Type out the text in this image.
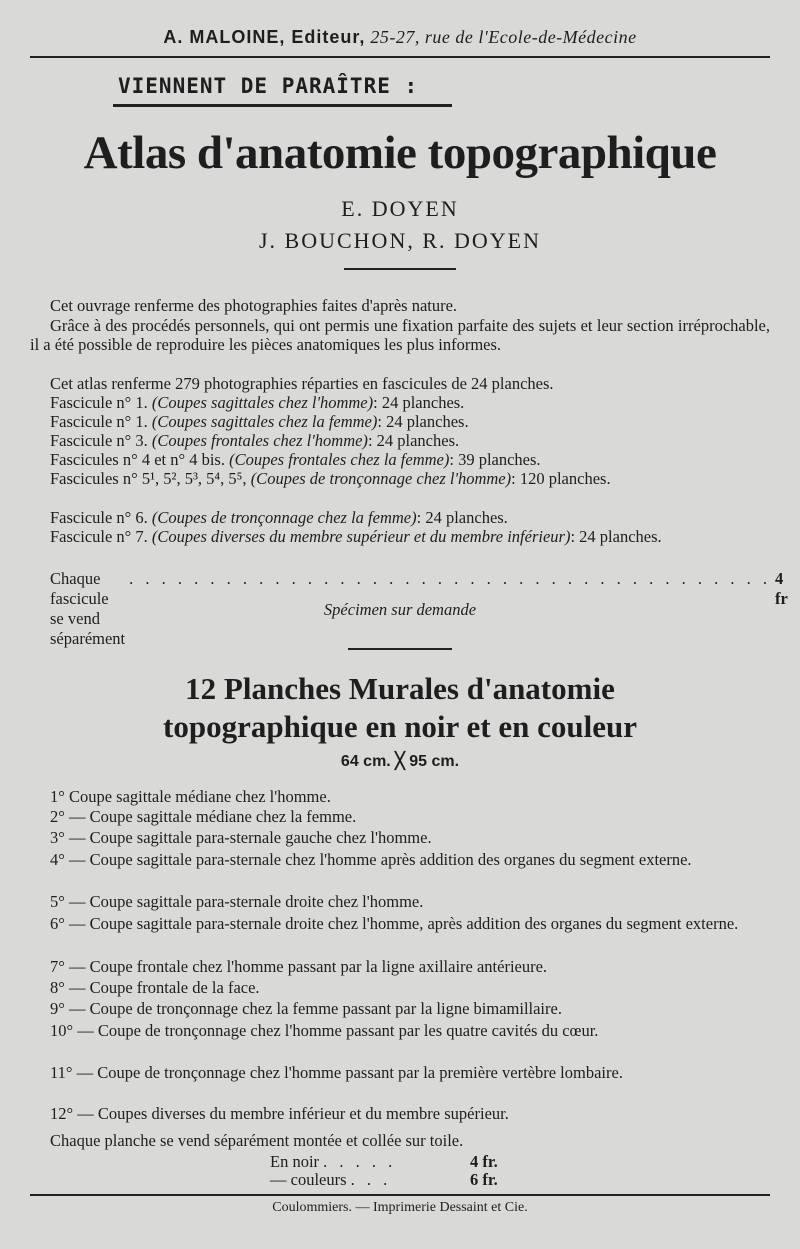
A. MALOINE, Editeur, 25-27, rue de l'Ecole-de-Médecine
VIENNENT DE PARAÎTRE :
Atlas d'anatomie topographique
E. DOYEN
J. BOUCHON, R. DOYEN
Cet ouvrage renferme des photographies faites d'après nature.
Grâce à des procédés personnels, qui ont permis une fixation parfaite des sujets et leur section irréprochable, il a été possible de reproduire les pièces anatomiques les plus informes.
Cet atlas renferme 279 photographies réparties en fascicules de 24 planches.
Fascicule n° 1. (Coupes sagittales chez l'homme): 24 planches.
Fascicule n° 1. (Coupes sagittales chez la femme): 24 planches.
Fascicule n° 3. (Coupes frontales chez l'homme): 24 planches.
Fascicules n° 4 et n° 4 bis. (Coupes frontales chez la femme): 39 planches.
Fascicules n° 5¹, 5², 5³, 5⁴, 5⁵, (Coupes de tronçonnage chez l'homme): 120 planches.
Fascicule n° 6. (Coupes de tronçonnage chez la femme): 24 planches.
Fascicule n° 7. (Coupes diverses du membre supérieur et du membre inférieur): 24 planches.
Chaque fascicule se vend séparément
. . . . . . . . . . . . . . . . . . . . . . . . . . . . . . . . . . . . . . . . 4 fr
Spécimen sur demande
12 Planches Murales d'anatomie
topographique en noir et en couleur
64 cm. ╳ 95 cm.
1° Coupe sagittale médiane chez l'homme.
2° — Coupe sagittale médiane chez la femme.
3° — Coupe sagittale para-sternale gauche chez l'homme.
4° — Coupe sagittale para-sternale chez l'homme après addition des organes du segment externe.
5° — Coupe sagittale para-sternale droite chez l'homme.
6° — Coupe sagittale para-sternale droite chez l'homme, après addition des organes du segment externe.
7° — Coupe frontale chez l'homme passant par la ligne axillaire antérieure.
8° — Coupe frontale de la face.
9° — Coupe de tronçonnage chez la femme passant par la ligne bimamillaire.
10° — Coupe de tronçonnage chez l'homme passant par les quatre cavités du cœur.
11° — Coupe de tronçonnage chez l'homme passant par la première vertèbre lombaire.
12° — Coupes diverses du membre inférieur et du membre supérieur.
Chaque planche se vend séparément montée et collée sur toile.
En noir . . . . .	4 fr.
— couleurs . . .	6 fr.
Coulommiers. — Imprimerie Dessaint et Cie.
